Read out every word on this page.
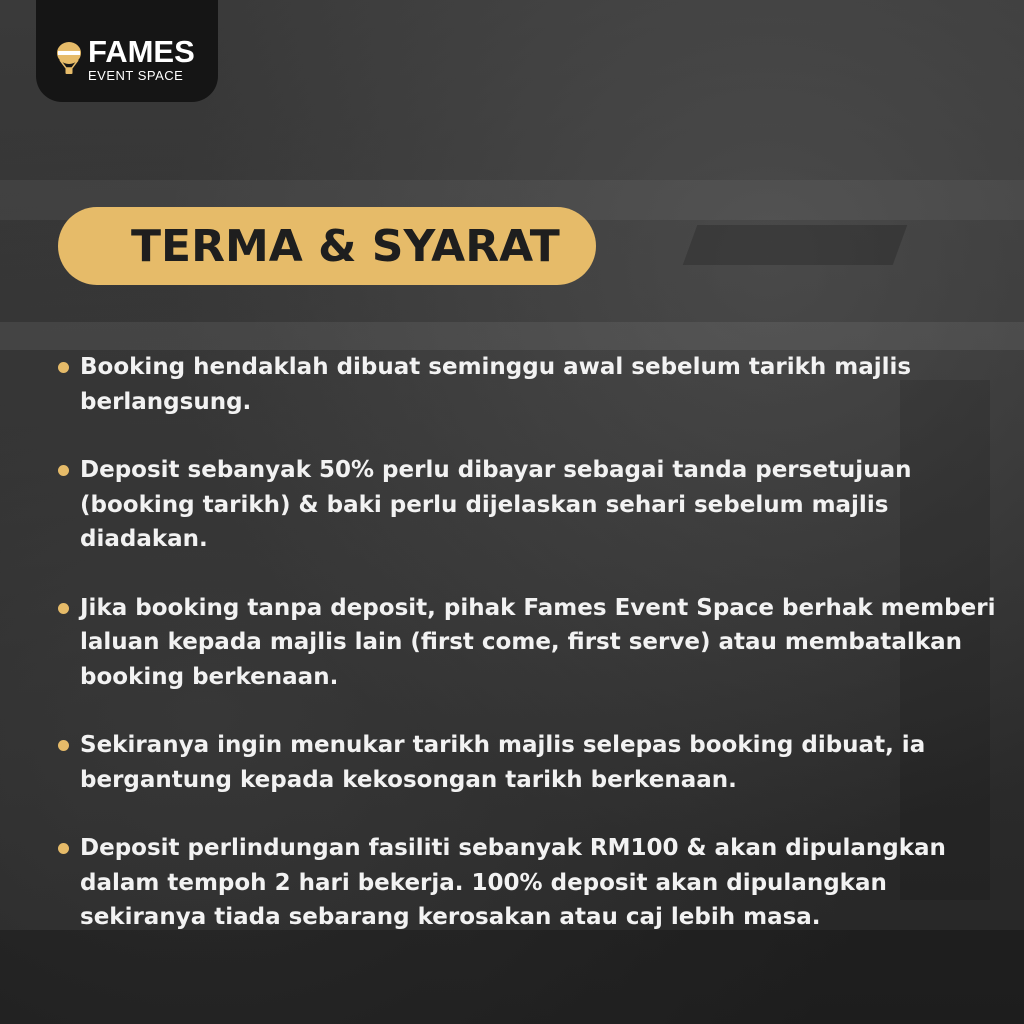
FAMES
EVENT SPACE
TERMA & SYARAT
Booking hendaklah dibuat seminggu awal sebelum tarikh majlis
berlangsung.
Deposit sebanyak 50% perlu dibayar sebagai tanda persetujuan
(booking tarikh) & baki perlu dijelaskan sehari sebelum majlis
diadakan.
Jika booking tanpa deposit, pihak Fames Event Space berhak memberi
laluan kepada majlis lain (first come, first serve) atau membatalkan
booking berkenaan.
Sekiranya ingin menukar tarikh majlis selepas booking dibuat, ia
bergantung kepada kekosongan tarikh berkenaan.
Deposit perlindungan fasiliti sebanyak RM100 & akan dipulangkan
dalam tempoh 2 hari bekerja. 100% deposit akan dipulangkan
sekiranya tiada sebarang kerosakan atau caj lebih masa.
